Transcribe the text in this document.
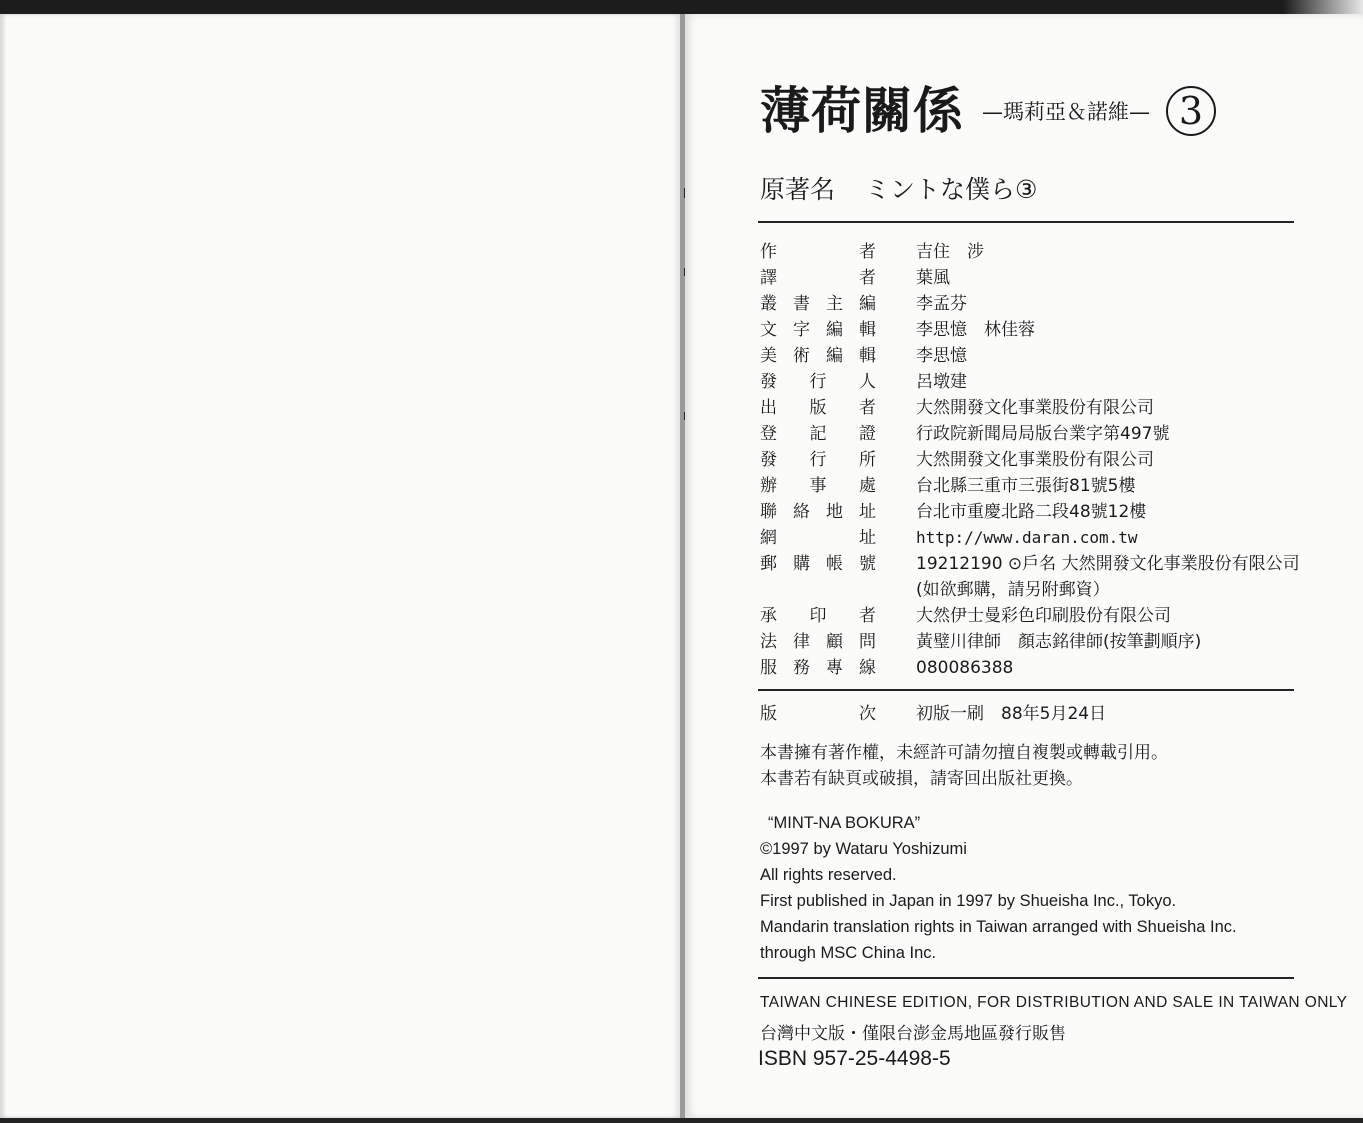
薄荷關係 —瑪莉亞＆諾維— 3
原著名 ミントな僕ら③
作　者 吉住　涉
譯　者 葉風
叢書主編 李孟芬
文字編輯 李思憶　林佳蓉
美術編輯 李思憶
發行人 呂墩建
出版者 大然開發文化事業股份有限公司
登記證 行政院新聞局局版台業字第497號
發行所 大然開發文化事業股份有限公司
辦事處 台北縣三重市三張街81號5樓
聯絡地址 台北市重慶北路二段48號12樓
網　址	http://www.daran.com.tw
郵購帳號 19212190 ⊙戶名 大然開發文化事業股份有限公司
(如欲郵購，請另附郵資）
承印者 大然伊士曼彩色印刷股份有限公司
法律顧問 黃璧川律師　顏志銘律師(按筆劃順序)
服務專線 080086388
版　次 初版一刷　88年5月24日
本書擁有著作權，未經許可請勿擅自複製或轉載引用。
本書若有缺頁或破損，請寄回出版社更換。
“MINT-NA BOKURA”
©1997 by Wataru Yoshizumi
All rights reserved.
First published in Japan in 1997 by Shueisha Inc., Tokyo.
Mandarin translation rights in Taiwan arranged with Shueisha Inc.
through MSC China Inc.
TAIWAN CHINESE EDITION, FOR DISTRIBUTION AND SALE IN TAIWAN ONLY
台灣中文版・僅限台澎金馬地區發行販售
ISBN 957-25-4498-5
